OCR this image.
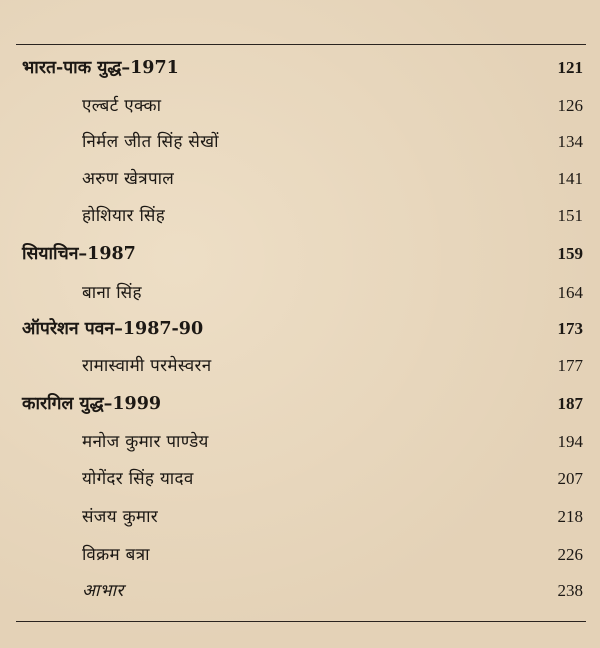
भारत-पाक युद्ध–1971	121
एल्बर्ट एक्का	126
निर्मल जीत सिंह सेखों	134
अरुण खेत्रपाल	141
होशियार सिंह	151
सियाचिन–1987	159
बाना सिंह	164
ऑपरेशन पवन–1987-90	173
रामास्वामी परमेस्वरन	177
कारगिल युद्ध–1999	187
मनोज कुमार पाण्डेय	194
योगेंदर सिंह यादव	207
संजय कुमार	218
विक्रम बत्रा	226
आभार	238
